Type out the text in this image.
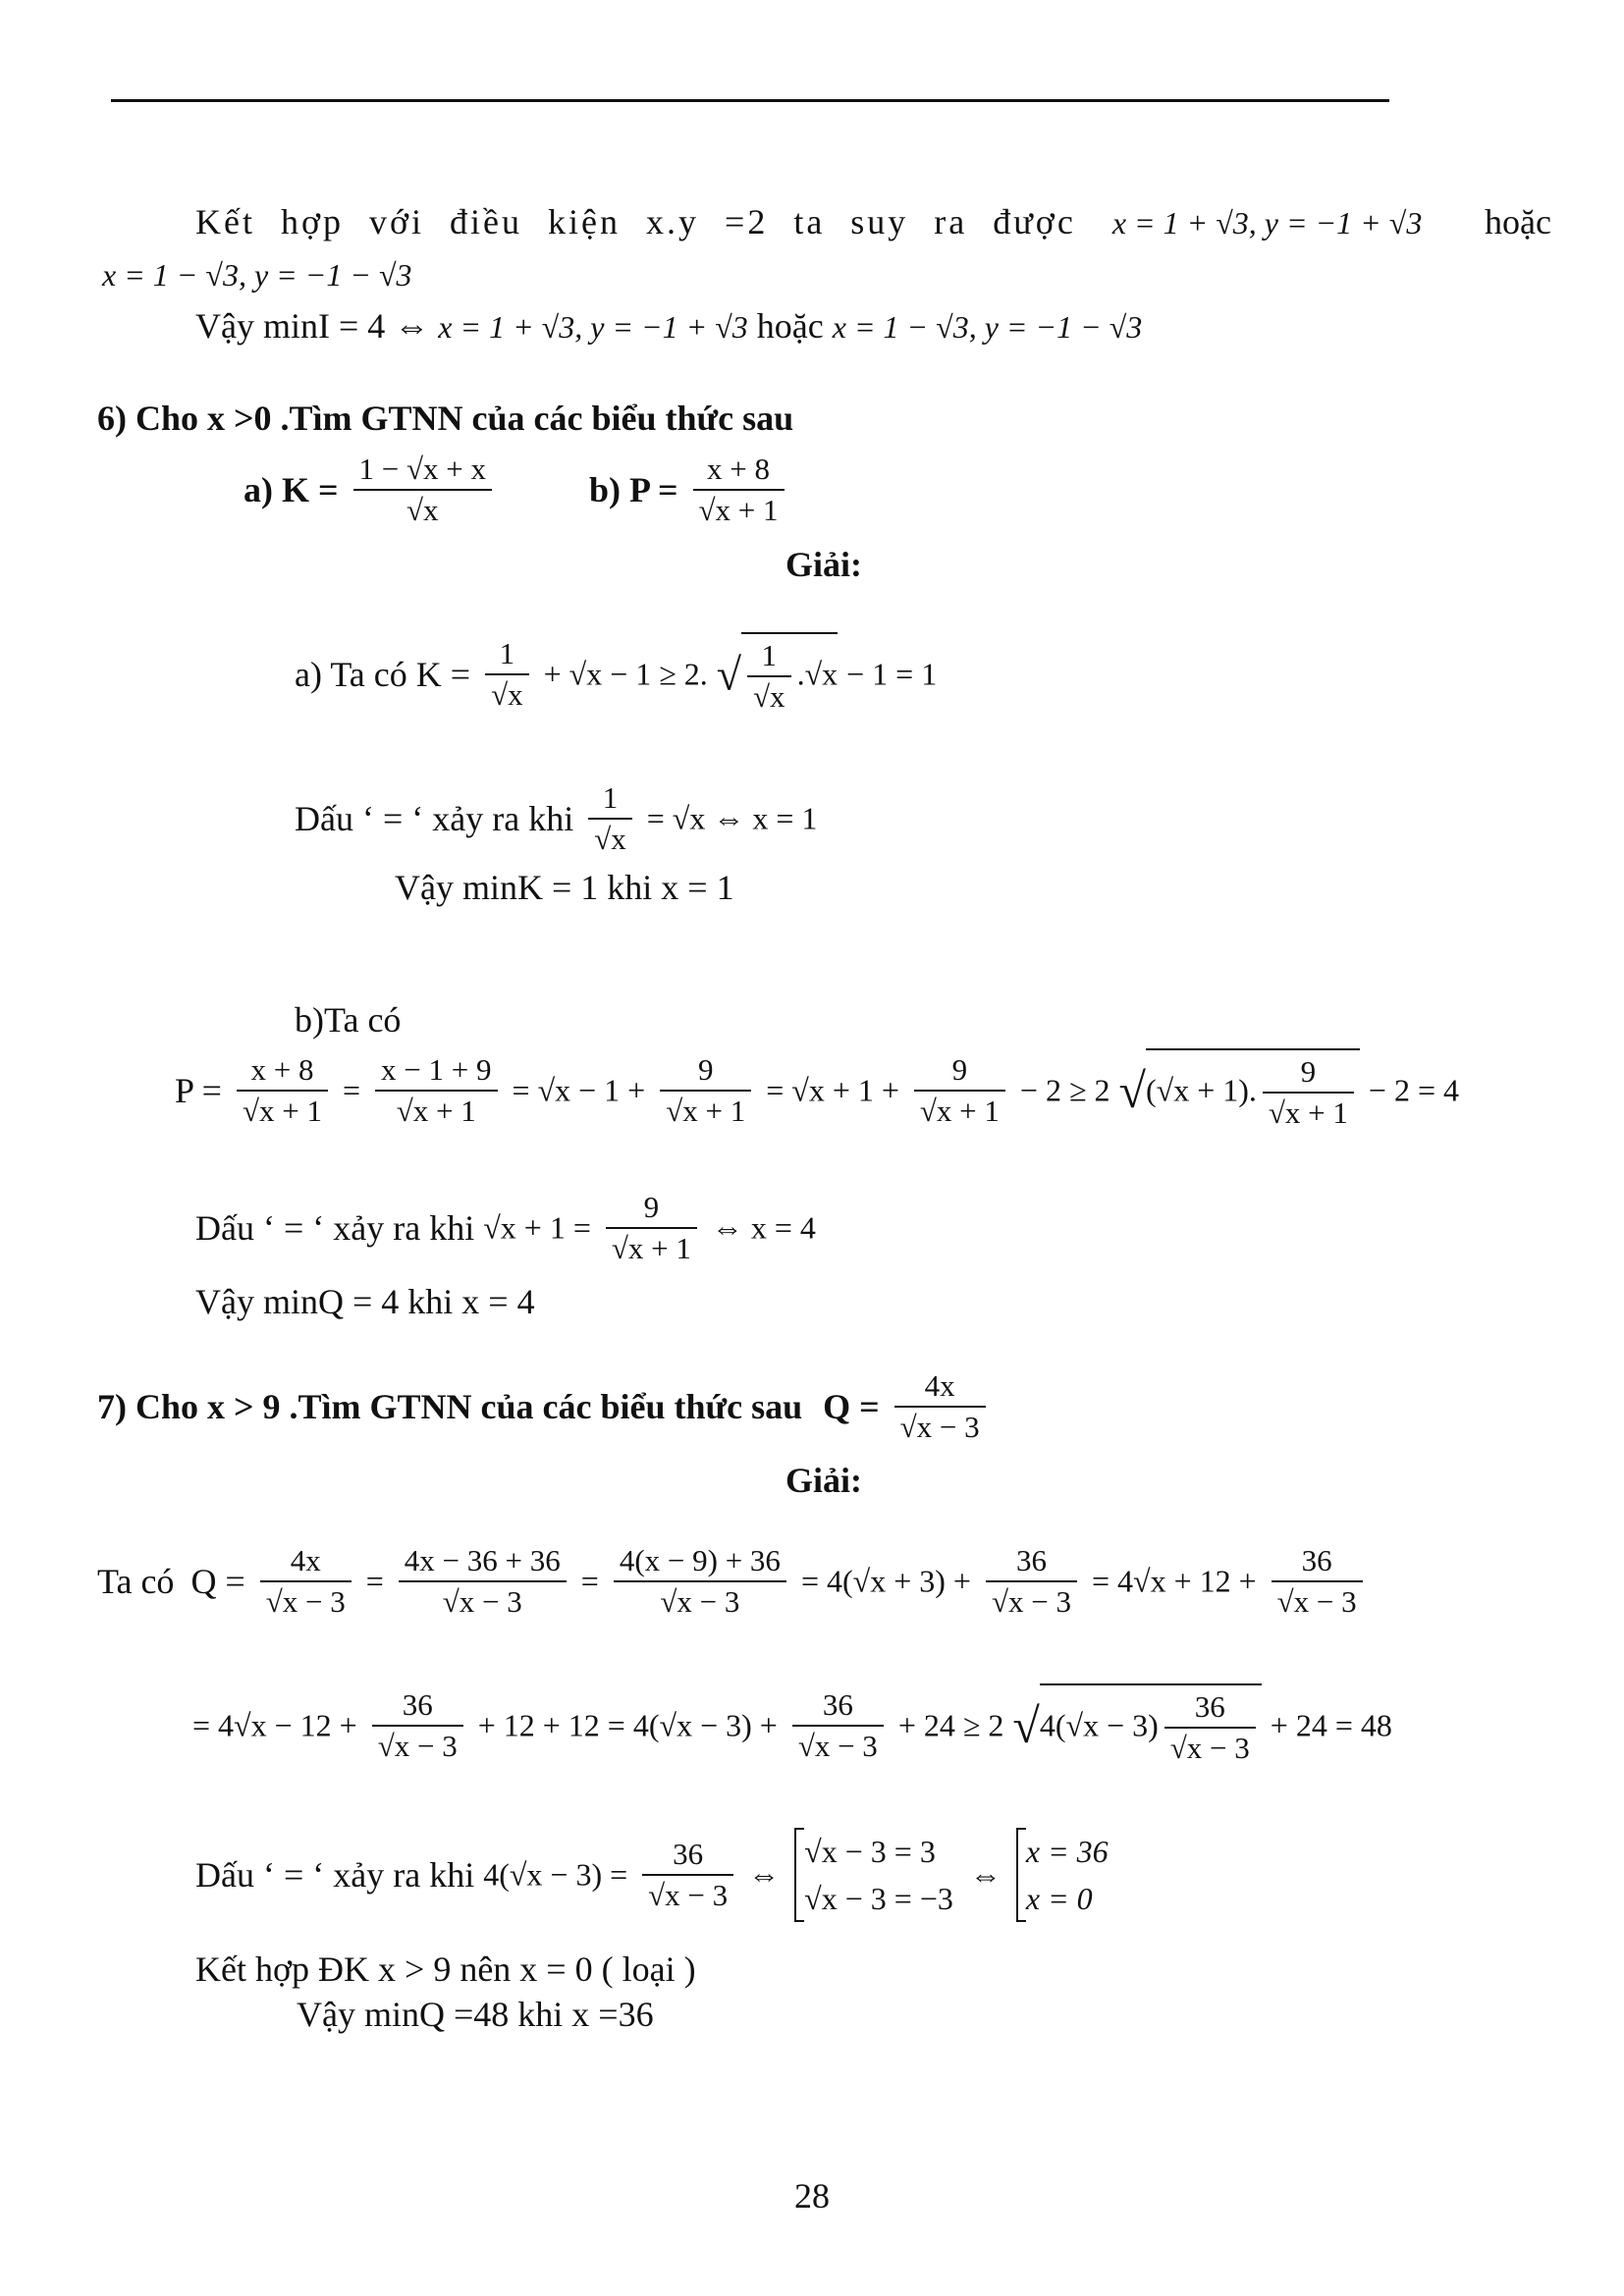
Kết hợp với điều kiện x.y =2 ta suy ra được x = 1 + √3, y = −1 + √3 hoặc
x = 1 − √3, y = −1 − √3
Vậy minI = 4 ⇔ x = 1 + √3, y = −1 + √3 hoặc x = 1 − √3, y = −1 − √3
6) Cho x >0 .Tìm GTNN của các biểu thức sau
a) $K = \frac{1 - √x + x}{√x}$	b) $P = \frac{x + 8}{√x + 1}$
Giải:
a) Ta có $K = \frac{1}{√x} + √x - 1 \ge 2$. √ $\frac{1}{√x} .√x - 1 = 1$
Dấu ‘ = ‘ xảy ra khi $\frac{1}{√x} = √x$ ⇔ x = 1
Vậy minK = 1 khi x = 1
b)Ta có
$P = \frac{x + 8}{√x + 1} = \frac{x - 1 + 9}{√x + 1} = √x - 1 + \frac{9}{√x + 1} = √x + 1 + \frac{9}{√x + 1} - 2 \ge 2$ √(√x + 1). $\frac{9}{√x + 1} - 2 = 4$
Dấu ‘ = ‘ xảy ra khi $√x + 1 = \frac{9}{√x + 1}$ ⇔ x = 4
Vậy minQ = 4 khi x = 4
7) Cho x > 9 .Tìm GTNN của các biểu thức sau $Q = \frac{4x}{√x - 3}$
Giải:
Ta có $Q = \frac{4x}{√x - 3} = \frac{4x - 36 + 36}{√x - 3} = \frac{4(x - 9) + 36}{√x - 3} = 4(√x + 3) + \frac{36}{√x - 3} = 4√x + 12 + \frac{36}{√x - 3}$
= $4√x - 12 + \frac{36}{√x - 3} + 12 + 12 = 4(√x - 3) + \frac{36}{√x - 3} + 24 \ge 2$ $√4(√x - 3) \frac{36}{√x - 3} + 24 = 48$
Dấu ‘ = ‘ xảy ra khi $4(√x - 3) = \frac{36}{√x - 3}$ ⇔
√x − 3 = 3
√x − 3 = −3
⇔
x = 36
x = 0
Kết hợp ĐK x > 9 nên x = 0 ( loại )
Vậy minQ =48 khi x =36
28
